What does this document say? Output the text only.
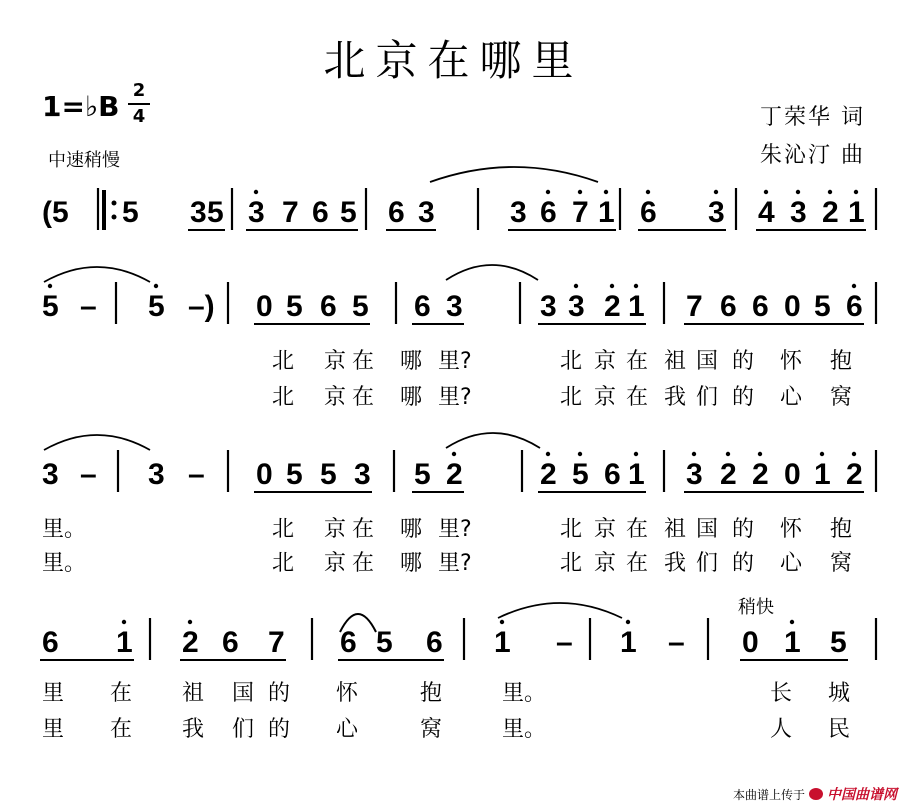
北京在哪里
1=♭B 2
4
中速稍慢
丁荣华 词
朱沁汀 曲
稍快
(5 5 3 5 3 7 6 5 6 3	3 6 7 1 6 3 4 3 2 1
5 – 5 –) 0 5 6 5 6 3	3 3 2 1 7 6 6 0 5 6
3 – 3 – 0 5 5 3 5 2	2 5 6 1 3 2 2 0 1 2
6 1 2 6 7 6 5 6 1 – 1 – 0 1 5
北 京 在 哪 里?	北 京 在 祖 国 的 怀 抱
北 京 在 哪 里?	北 京 在 我 们 的 心 窝
里。	北 京 在 哪 里?	北 京 在 祖 国 的 怀 抱
里。	北 京 在 哪 里?	北 京 在 我 们 的 心 窝
里 在 祖 国 的 怀	抱	里。	长 城
里 在 我 们 的 心	窝	里。	人 民
本曲谱上传于 中国曲谱网
